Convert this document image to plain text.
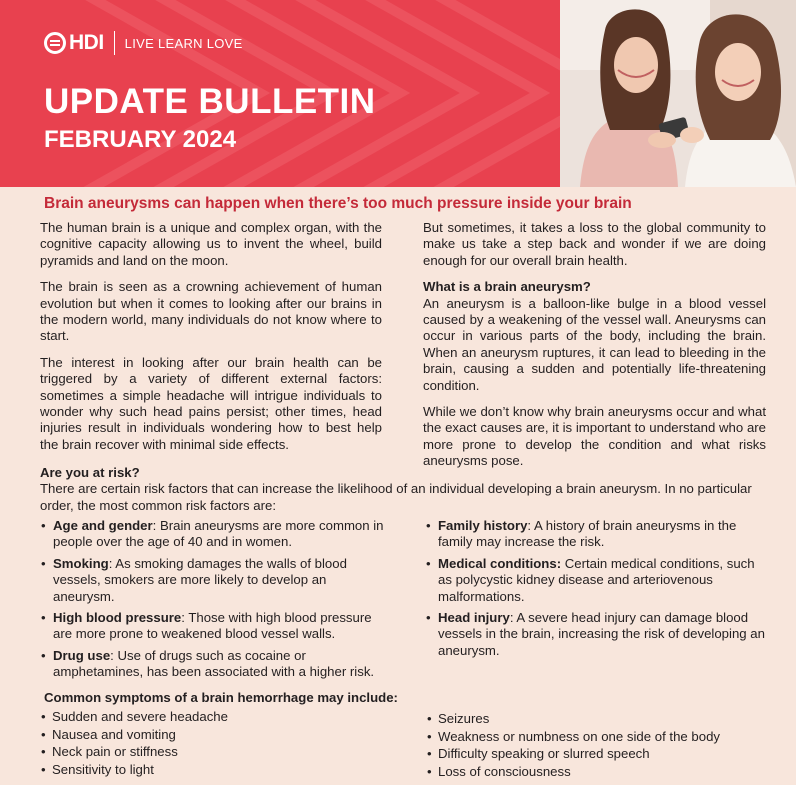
HDI LIVE LEARN LOVE
UPDATE BULLETIN
FEBRUARY 2024
Brain aneurysms can happen when there’s too much pressure inside your brain

The human brain is a unique and complex organ, with the cognitive capacity allowing us to invent the wheel, build pyramids and land on the moon.

The brain is seen as a crowning achievement of human evolution but when it comes to looking after our brains in the modern world, many individuals do not know where to start.

The interest in looking after our brain health can be triggered by a variety of different external factors: sometimes a simple headache will intrigue individuals to wonder why such head pains persist; other times, head injuries result in individuals wondering how to best help the brain recover with minimal side effects.

But sometimes, it takes a loss to the global community to make us take a step back and wonder if we are doing enough for our overall brain health.

What is a brain aneurysm?

An aneurysm is a balloon-like bulge in a blood vessel caused by a weakening of the vessel wall. Aneurysms can occur in various parts of the body, including the brain. When an aneurysm ruptures, it can lead to bleeding in the brain, causing a sudden and potentially life-threatening condition.

While we don’t know why brain aneurysms occur and what the exact causes are, it is important to understand who are more prone to develop the condition and what risks aneurysms pose.

Are you at risk?

There are certain risk factors that can increase the likelihood of an individual developing a brain aneurysm. In no particular order, the most common risk factors are:

• Age and gender: Brain aneurysms are more common in people over the age of 40 and in women.
• Smoking: As smoking damages the walls of blood vessels, smokers are more likely to develop an aneurysm.
• High blood pressure: Those with high blood pressure are more prone to weakened blood vessel walls.
• Drug use: Use of drugs such as cocaine or amphetamines, has been associated with a higher risk.
• Family history: A history of brain aneurysms in the family may increase the risk.
• Medical conditions: Certain medical conditions, such as polycystic kidney disease and arteriovenous malformations.
• Head injury: A severe head injury can damage blood vessels in the brain, increasing the risk of developing an aneurysm.
Common symptoms of a brain hemorrhage may include:
• Sudden and severe headache
• Nausea and vomiting
• Neck pain or stiffness
• Sensitivity to light
• Seizures
• Weakness or numbness on one side of the body
• Difficulty speaking or slurred speech
• Loss of consciousness
